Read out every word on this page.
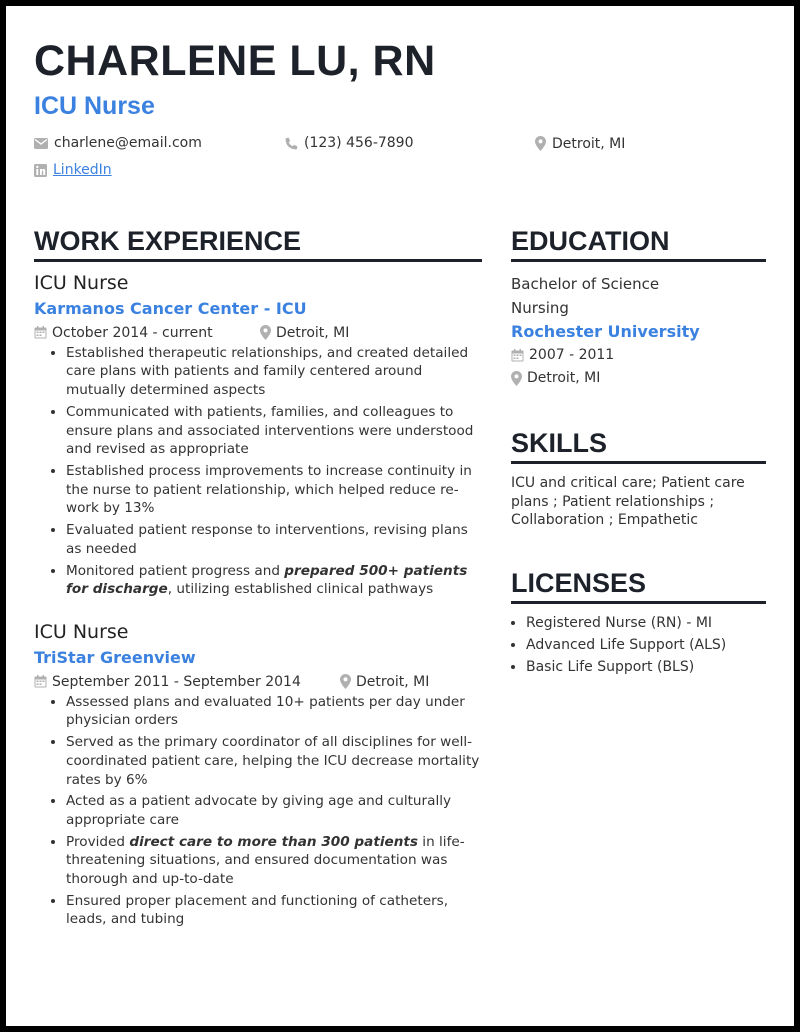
CHARLENE LU, RN
ICU Nurse
charlene@email.com	(123) 456-7890	Detroit, MI
LinkedIn
WORK EXPERIENCE
ICU Nurse
Karmanos Cancer Center - ICU
October 2014 - current	Detroit, MI
• Established therapeutic relationships, and created detailed care plans with patients and family centered around mutually determined aspects
• Communicated with patients, families, and colleagues to ensure plans and associated interventions were understood and revised as appropriate
• Established process improvements to increase continuity in the nurse to patient relationship, which helped reduce re-work by 13%
• Evaluated patient response to interventions, revising plans as needed
• Monitored patient progress and prepared 500+ patients for discharge, utilizing established clinical pathways
ICU Nurse
TriStar Greenview
September 2011 - September 2014	Detroit, MI
• Assessed plans and evaluated 10+ patients per day under physician orders
• Served as the primary coordinator of all disciplines for well-coordinated patient care, helping the ICU decrease mortality rates by 6%
• Acted as a patient advocate by giving age and culturally appropriate care
• Provided direct care to more than 300 patients in life-threatening situations, and ensured documentation was thorough and up-to-date
• Ensured proper placement and functioning of catheters, leads, and tubing
EDUCATION
Bachelor of Science
Nursing
Rochester University
2007 - 2011
Detroit, MI
SKILLS
ICU and critical care; Patient care plans ; Patient relationships ; Collaboration ; Empathetic
LICENSES
• Registered Nurse (RN) - MI
• Advanced Life Support (ALS)
• Basic Life Support (BLS)
